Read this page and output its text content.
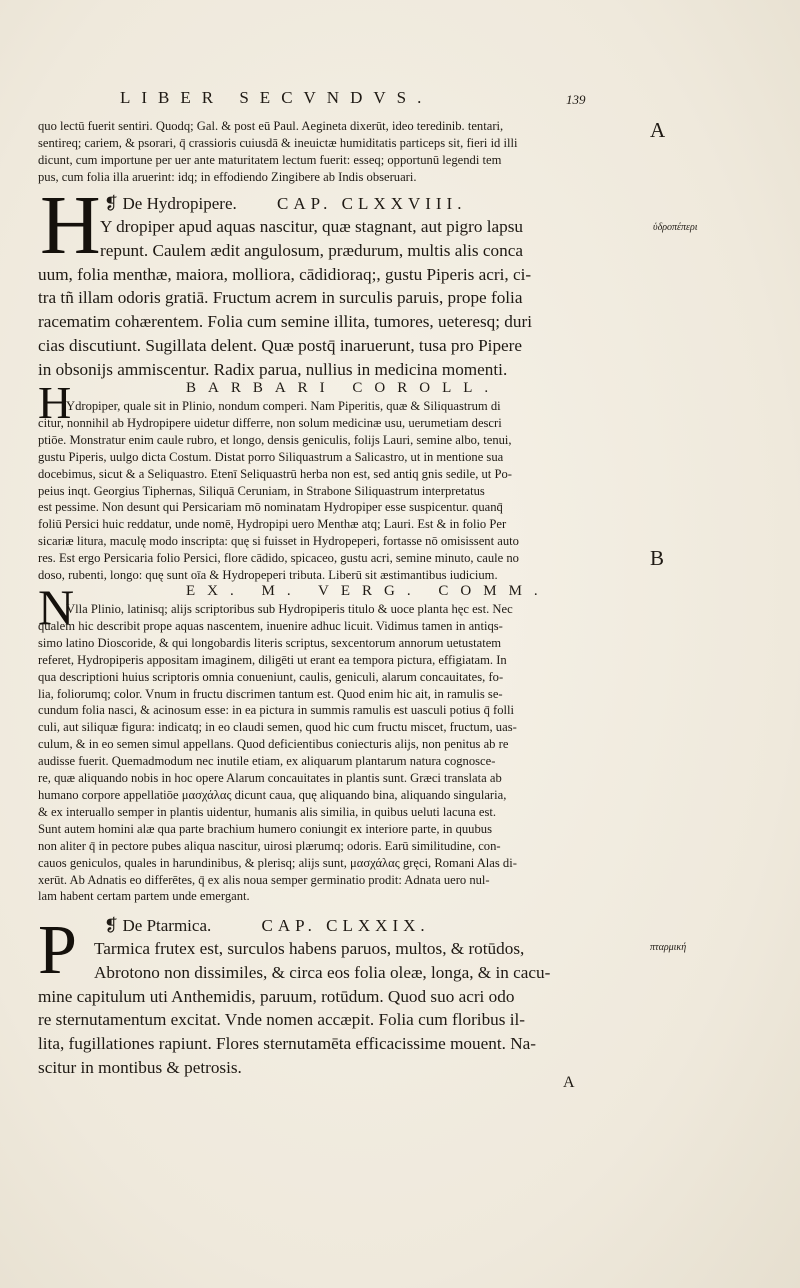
LIBER SECVNDVS.	139
A
ὑδροπέπερι
B
πταρμική
A
quo lectū fuerit sentiri. Quodq; Gal. & post eū Paul. Aegineta dixerūt, ideo teredinib. tentari,
sentireq; cariem, & psorari, q̄ crassioris cuiusdā & ineuictæ humiditatis particeps sit, fieri id illi
dicunt, cum importune per uer ante maturitatem lectum fuerit: esseq; opportunū legendi tem
pus, cum folia illa aruerint: idq; in effodiendo Zingibere ab Indis obseruari.
H ❡ De Hydropipere. CAP. CLXXVIII.
Y dropiper apud aquas nascitur, quæ stagnant, aut pigro lapsu
repunt. Caulem ædit angulosum, prædurum, multis alis conca
uum, folia menthæ, maiora, molliora, cādidioraq;, gustu Piperis acri, ci-
tra tñ illam odoris gratiā. Fructum acrem in surculis paruis, prope folia
racematim cohærentem. Folia cum semine illita, tumores, ueteresq; duri
cias discutiunt. Sugillata delent. Quæ postq̄ inaruerunt, tusa pro Pipere
in obsonijs ammiscentur. Radix parua, nullius in medicina momenti.
H	BARBARI COROLL.
Ydropiper, quale sit in Plinio, nondum comperi. Nam Piperitis, quæ & Siliquastrum di
citur, nonnihil ab Hydropipere uidetur differre, non solum medicinæ usu, uerumetiam descri
ptiōe. Monstratur enim caule rubro, et longo, densis geniculis, folijs Lauri, semine albo, tenui,
gustu Piperis, uulgo dicta Costum. Distat porro Siliquastrum a Salicastro, ut in mentione sua
docebimus, sicut & a Seliquastro. Etenī Seliquastrū herba non est, sed antiq gnis sedile, ut Po-
peius inqt. Georgius Tiphernas, Siliquā Ceruniam, in Strabone Siliquastrum interpretatus
est pessime. Non desunt qui Persicariam mō nominatam Hydropiper esse suspicentur. quanq̄
foliū Persici huic reddatur, unde nomē, Hydropipi uero Menthæ atq; Lauri. Est & in folio Per
sicariæ litura, maculę modo inscripta: quę si fuisset in Hydropeperi, fortasse nō omisissent auto
res. Est ergo Persicaria folio Persici, flore cādido, spicaceo, gustu acri, semine minuto, caule no
doso, rubenti, longo: quę sunt oīa & Hydropeperi tributa. Liberū sit æstimantibus iudicium.
N	EX. M. VERG. COMM.
Vlla Plinio, latinisq; alijs scriptoribus sub Hydropiperis titulo & uoce planta hęc est. Nec
qualem hic describit prope aquas nascentem, inuenire adhuc licuit. Vidimus tamen in antiqs-
simo latino Dioscoride, & qui longobardis literis scriptus, sexcentorum annorum uetustatem
referet, Hydropiperis appositam imaginem, diligēti ut erant ea tempora pictura, effigiatam. In
qua descriptioni huius scriptoris omnia conueniunt, caulis, geniculi, alarum concauitates, fo-
lia, foliorumq; color. Vnum in fructu discrimen tantum est. Quod enim hic ait, in ramulis se-
cundum folia nasci, & acinosum esse: in ea pictura in summis ramulis est uasculi potius q̄ folli
culi, aut siliquæ figura: indicatq; in eo claudi semen, quod hic cum fructu miscet, fructum, uas-
culum, & in eo semen simul appellans. Quod deficientibus coniecturis alijs, non penitus ab re
audisse fuerit. Quemadmodum nec inutile etiam, ex aliquarum plantarum natura cognosce-
re, quæ aliquando nobis in hoc opere Alarum concauitates in plantis sunt. Græci translata ab
humano corpore appellatiōe μασχάλας dicunt caua, quę aliquando bina, aliquando singularia,
& ex interuallo semper in plantis uidentur, humanis alis similia, in quibus ueluti lacuna est.
Sunt autem homini alæ qua parte brachium humero coniungit ex interiore parte, in quubus
non aliter q̄ in pectore pubes aliqua nascitur, uirosi plærumq; odoris. Earū similitudine, con-
cauos geniculos, quales in harundinibus, & plerisq; alijs sunt, μασχάλας gręci, Romani Alas di-
xerūt. Ab Adnatis eo differētes, q̄ ex alis noua semper germinatio prodit: Adnata uero nul-
lam habent certam partem unde emergant.
P ❡ De Ptarmica.	CAP. CLXXIX.
Tarmica frutex est, surculos habens paruos, multos, & rotūdos,
Abrotono non dissimiles, & circa eos folia oleæ, longa, & in cacu-
mine capitulum uti Anthemidis, paruum, rotūdum. Quod suo acri odo
re sternutamentum excitat. Vnde nomen accæpit. Folia cum floribus il-
lita, fugillationes rapiunt. Flores sternutamēta efficacissime mouent. Na-
scitur in montibus & petrosis.
